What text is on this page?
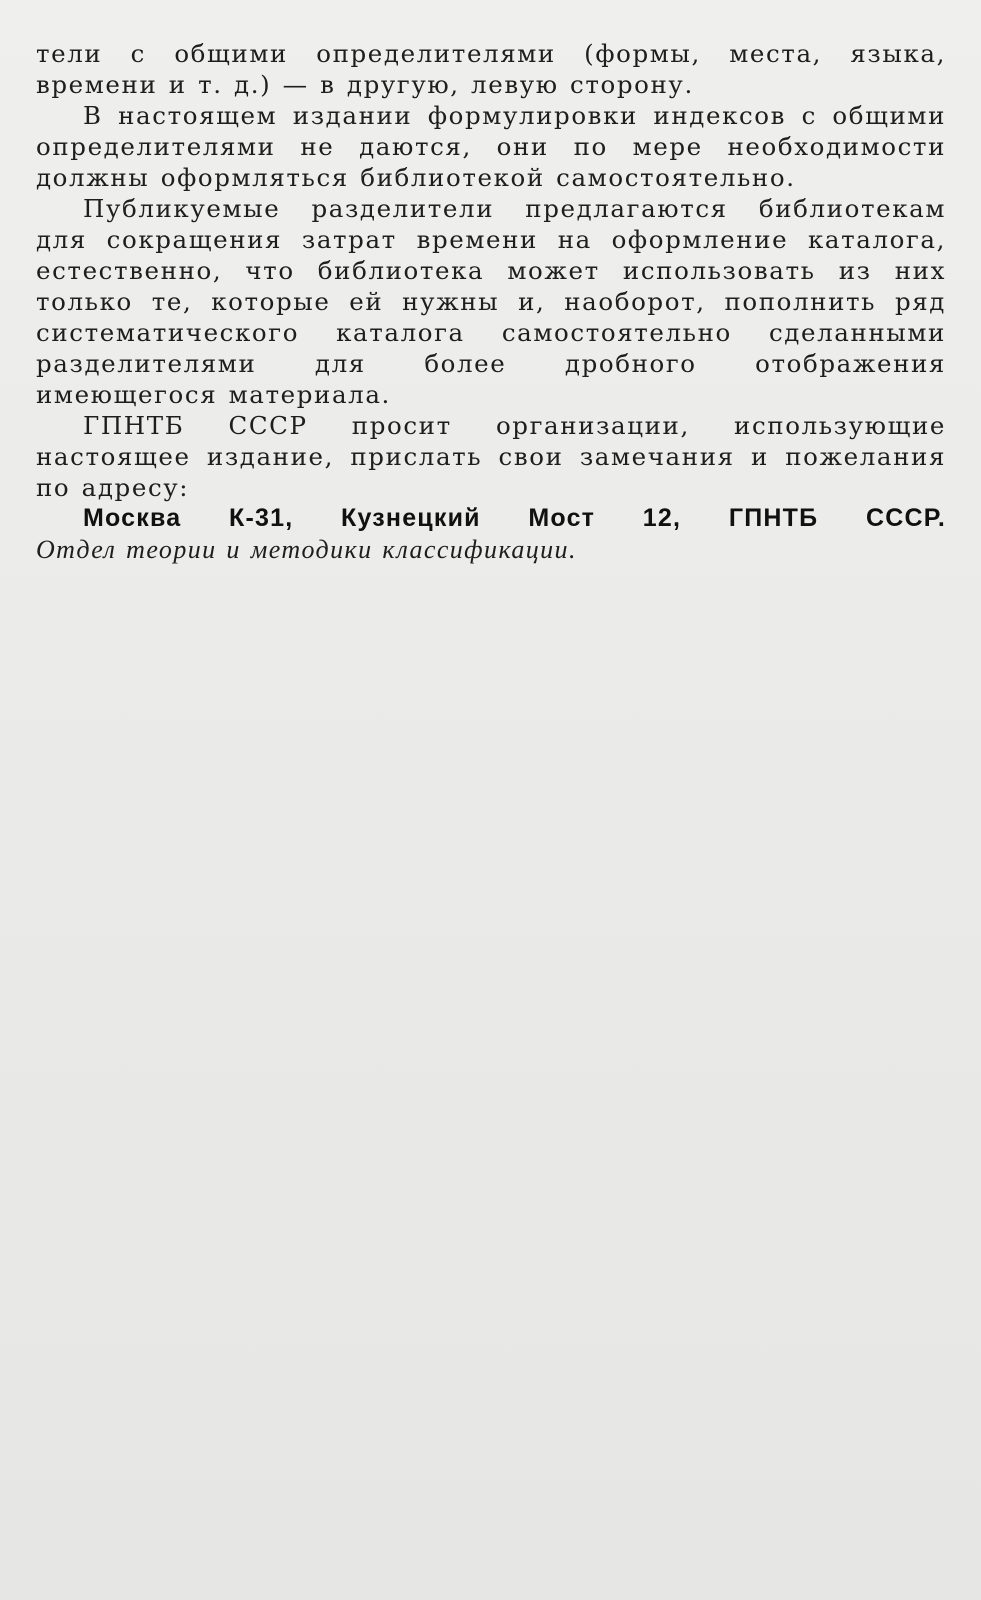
тели с общими определителями (формы, места, языка, времени и т. д.) — в другую, левую сторону.

В настоящем издании формулировки индексов с общими определителями не даются, они по мере необходимости должны оформляться библиотекой самостоятельно.

Публикуемые разделители предлагаются библиотекам для сокращения затрат времени на оформление каталога, естественно, что библиотека может использовать из них только те, которые ей нужны и, наоборот, пополнить ряд систематического каталога самостоятельно сделанными разделителями для более дробного отображения имеющегося материала.

ГПНТБ СССР просит организации, использующие настоящее издание, прислать свои замечания и пожелания по адресу:

Москва К-31, Кузнецкий Мост 12, ГПНТБ СССР.

Отдел теории и методики классификации.
